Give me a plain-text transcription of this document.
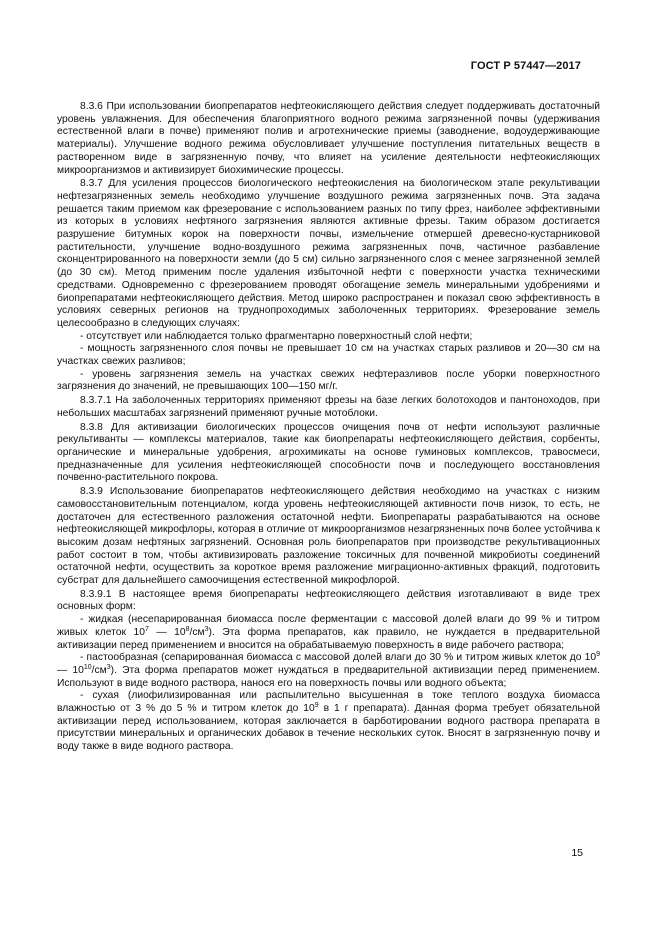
ГОСТ Р 57447—2017

8.3.6 При использовании биопрепаратов нефтеокисляющего действия следует поддерживать достаточный уровень увлажнения. Для обеспечения благоприятного водного режима загрязненной почвы (удерживания естественной влаги в почве) применяют полив и агротехнические приемы (заводнение, водоудерживающие материалы). Улучшение водного режима обусловливает улучшение поступления питательных веществ в растворенном виде в загрязненную почву, что влияет на усиление деятельности нефтеокисляющих микроорганизмов и активизирует биохимические процессы.

8.3.7 Для усиления процессов биологического нефтеокисления на биологическом этапе рекультивации нефтезагрязненных земель необходимо улучшение воздушного режима загрязненных почв. Эта задача решается таким приемом как фрезерование с использованием разных по типу фрез, наиболее эффективными из которых в условиях нефтяного загрязнения являются активные фрезы. Таким образом достигается разрушение битумных корок на поверхности почвы, измельчение отмершей древесно-кустарниковой растительности, улучшение водно-воздушного режима загрязненных почв, частичное разбавление сконцентрированного на поверхности земли (до 5 см) сильно загрязненного слоя с менее загрязненной землей (до 30 см). Метод применим после удаления избыточной нефти с поверхности участка техническими средствами. Одновременно с фрезерованием проводят обогащение земель минеральными удобрениями и биопрепаратами нефтеокисляющего действия. Метод широко распространен и показал свою эффективность в условиях северных регионов на труднопроходимых заболоченных территориях. Фрезерование земель целесообразно в следующих случаях:

- отсутствует или наблюдается только фрагментарно поверхностный слой нефти;

- мощность загрязненного слоя почвы не превышает 10 см на участках старых разливов и 20—30 см на участках свежих разливов;

- уровень загрязнения земель на участках свежих нефтеразливов после уборки поверхностного загрязнения до значений, не превышающих 100—150 мг/г.

8.3.7.1 На заболоченных территориях применяют фрезы на базе легких болотоходов и пантоноходов, при небольших масштабах загрязнений применяют ручные мотоблоки.

8.3.8 Для активизации биологических процессов очищения почв от нефти используют различные рекультиванты — комплексы материалов, такие как биопрепараты нефтеокисляющего действия, сорбенты, органические и минеральные удобрения, агрохимикаты на основе гуминовых комплексов, травосмеси, предназначенные для усиления нефтеокисляющей способности почв и последующего восстановления почвенно-растительного покрова.

8.3.9 Использование биопрепаратов нефтеокисляющего действия необходимо на участках с низким самовосстановительным потенциалом, когда уровень нефтеокисляющей активности почв низок, то есть, не достаточен для естественного разложения остаточной нефти. Биопрепараты разрабатываются на основе нефтеокисляющей микрофлоры, которая в отличие от микроорганизмов незагрязненных почв более устойчива к высоким дозам нефтяных загрязнений. Основная роль биопрепаратов при производстве рекультивационных работ состоит в том, чтобы активизировать разложение токсичных для почвенной микробиоты соединений остаточной нефти, осуществить за короткое время разложение миграционно-активных фракций, подготовить субстрат для дальнейшего самоочищения естественной микрофлорой.

8.3.9.1 В настоящее время биопрепараты нефтеокисляющего действия изготавливают в виде трех основных форм:

- жидкая (несепарированная биомасса после ферментации с массовой долей влаги до 99 % и титром живых клеток $10^7$ — $10^8/см^3$). Эта форма препаратов, как правило, не нуждается в предварительной активизации перед применением и вносится на обрабатываемую поверхность в виде рабочего раствора;

- пастообразная (сепарированная биомасса с массовой долей влаги до 30 % и титром живых клеток до $10^9$ — $10^{10}/см^3$). Эта форма препаратов может нуждаться в предварительной активизации перед применением. Используют в виде водного раствора, нанося его на поверхность почвы или водного объекта;

- сухая (лиофилизированная или распылительно высушенная в токе теплого воздуха биомасса влажностью от 3 % до 5 % и титром клеток до $10^9$ в 1 г препарата). Данная форма требует обязательной активизации перед использованием, которая заключается в барботировании водного раствора препарата в присутствии минеральных и органических добавок в течение нескольких суток. Вносят в загрязненную почву и воду также в виде водного раствора.

15
